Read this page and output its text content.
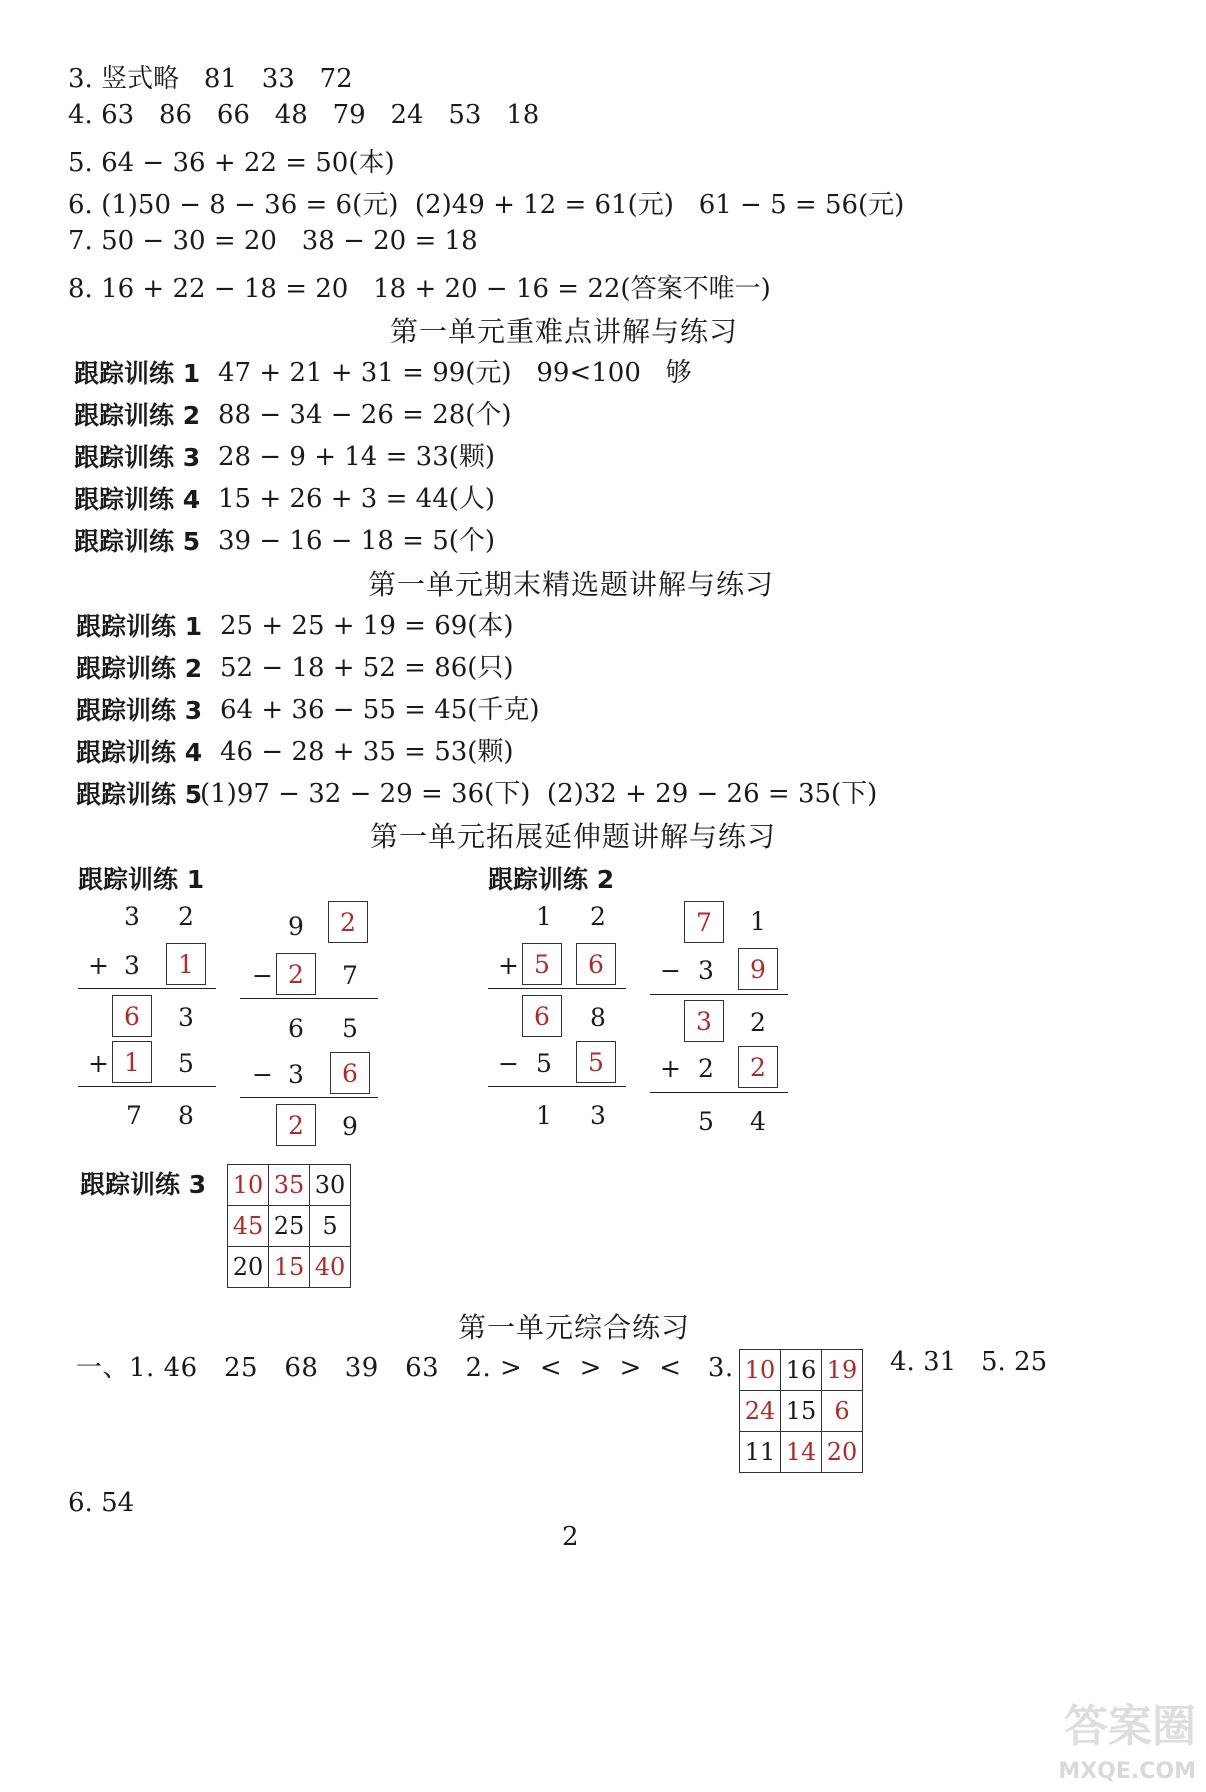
3. 竖式略   81   33   72
4. 63   86   66   48   79   24   53   18
5. 64 − 36 + 22 = 50(本)
6. (1)50 − 8 − 36 = 6(元)  (2)49 + 12 = 61(元)   61 − 5 = 56(元)
7. 50 − 30 = 20   38 − 20 = 18
8. 16 + 22 − 18 = 20   18 + 20 − 16 = 22(答案不唯一)
第一单元重难点讲解与练习
跟踪训练 1 47 + 21 + 31 = 99(元)   99<100   够
跟踪训练 2 88 − 34 − 26 = 28(个)
跟踪训练 3 28 − 9 + 14 = 33(颗)
跟踪训练 4 15 + 26 + 3 = 44(人)
跟踪训练 5 39 − 16 − 18 = 5(个)
第一单元期末精选题讲解与练习
跟踪训练 1 25 + 25 + 19 = 69(本)
跟踪训练 2 52 − 18 + 52 = 86(只)
跟踪训练 3 64 + 36 − 55 = 45(千克)
跟踪训练 4 46 − 28 + 35 = 53(颗)
跟踪训练 5
(1)97 − 32 − 29 = 36(下)  (2)32 + 29 − 26 = 35(下)
第一单元拓展延伸题讲解与练习
跟踪训练 1	跟踪训练 2
3 2
+ 3	1
6	3
+ 1	5
7 8
9	2
− 2	7
6 5
− 3	6
2	9
1 2
+ 5	6
6	8
− 5	5
1 3
7	1
− 3	9
3	2
+ 2	2
5 4
跟踪训练 3 10	35	30
45	25	5
20	15	40
第一单元综合练习
一、1. 46   25   68   39   63   2. >  <  >  >  <   3. 10	16	19
24	15	6
11	14	20
4. 31   5. 25
6. 54
2
MXQE.COM
答案圈
